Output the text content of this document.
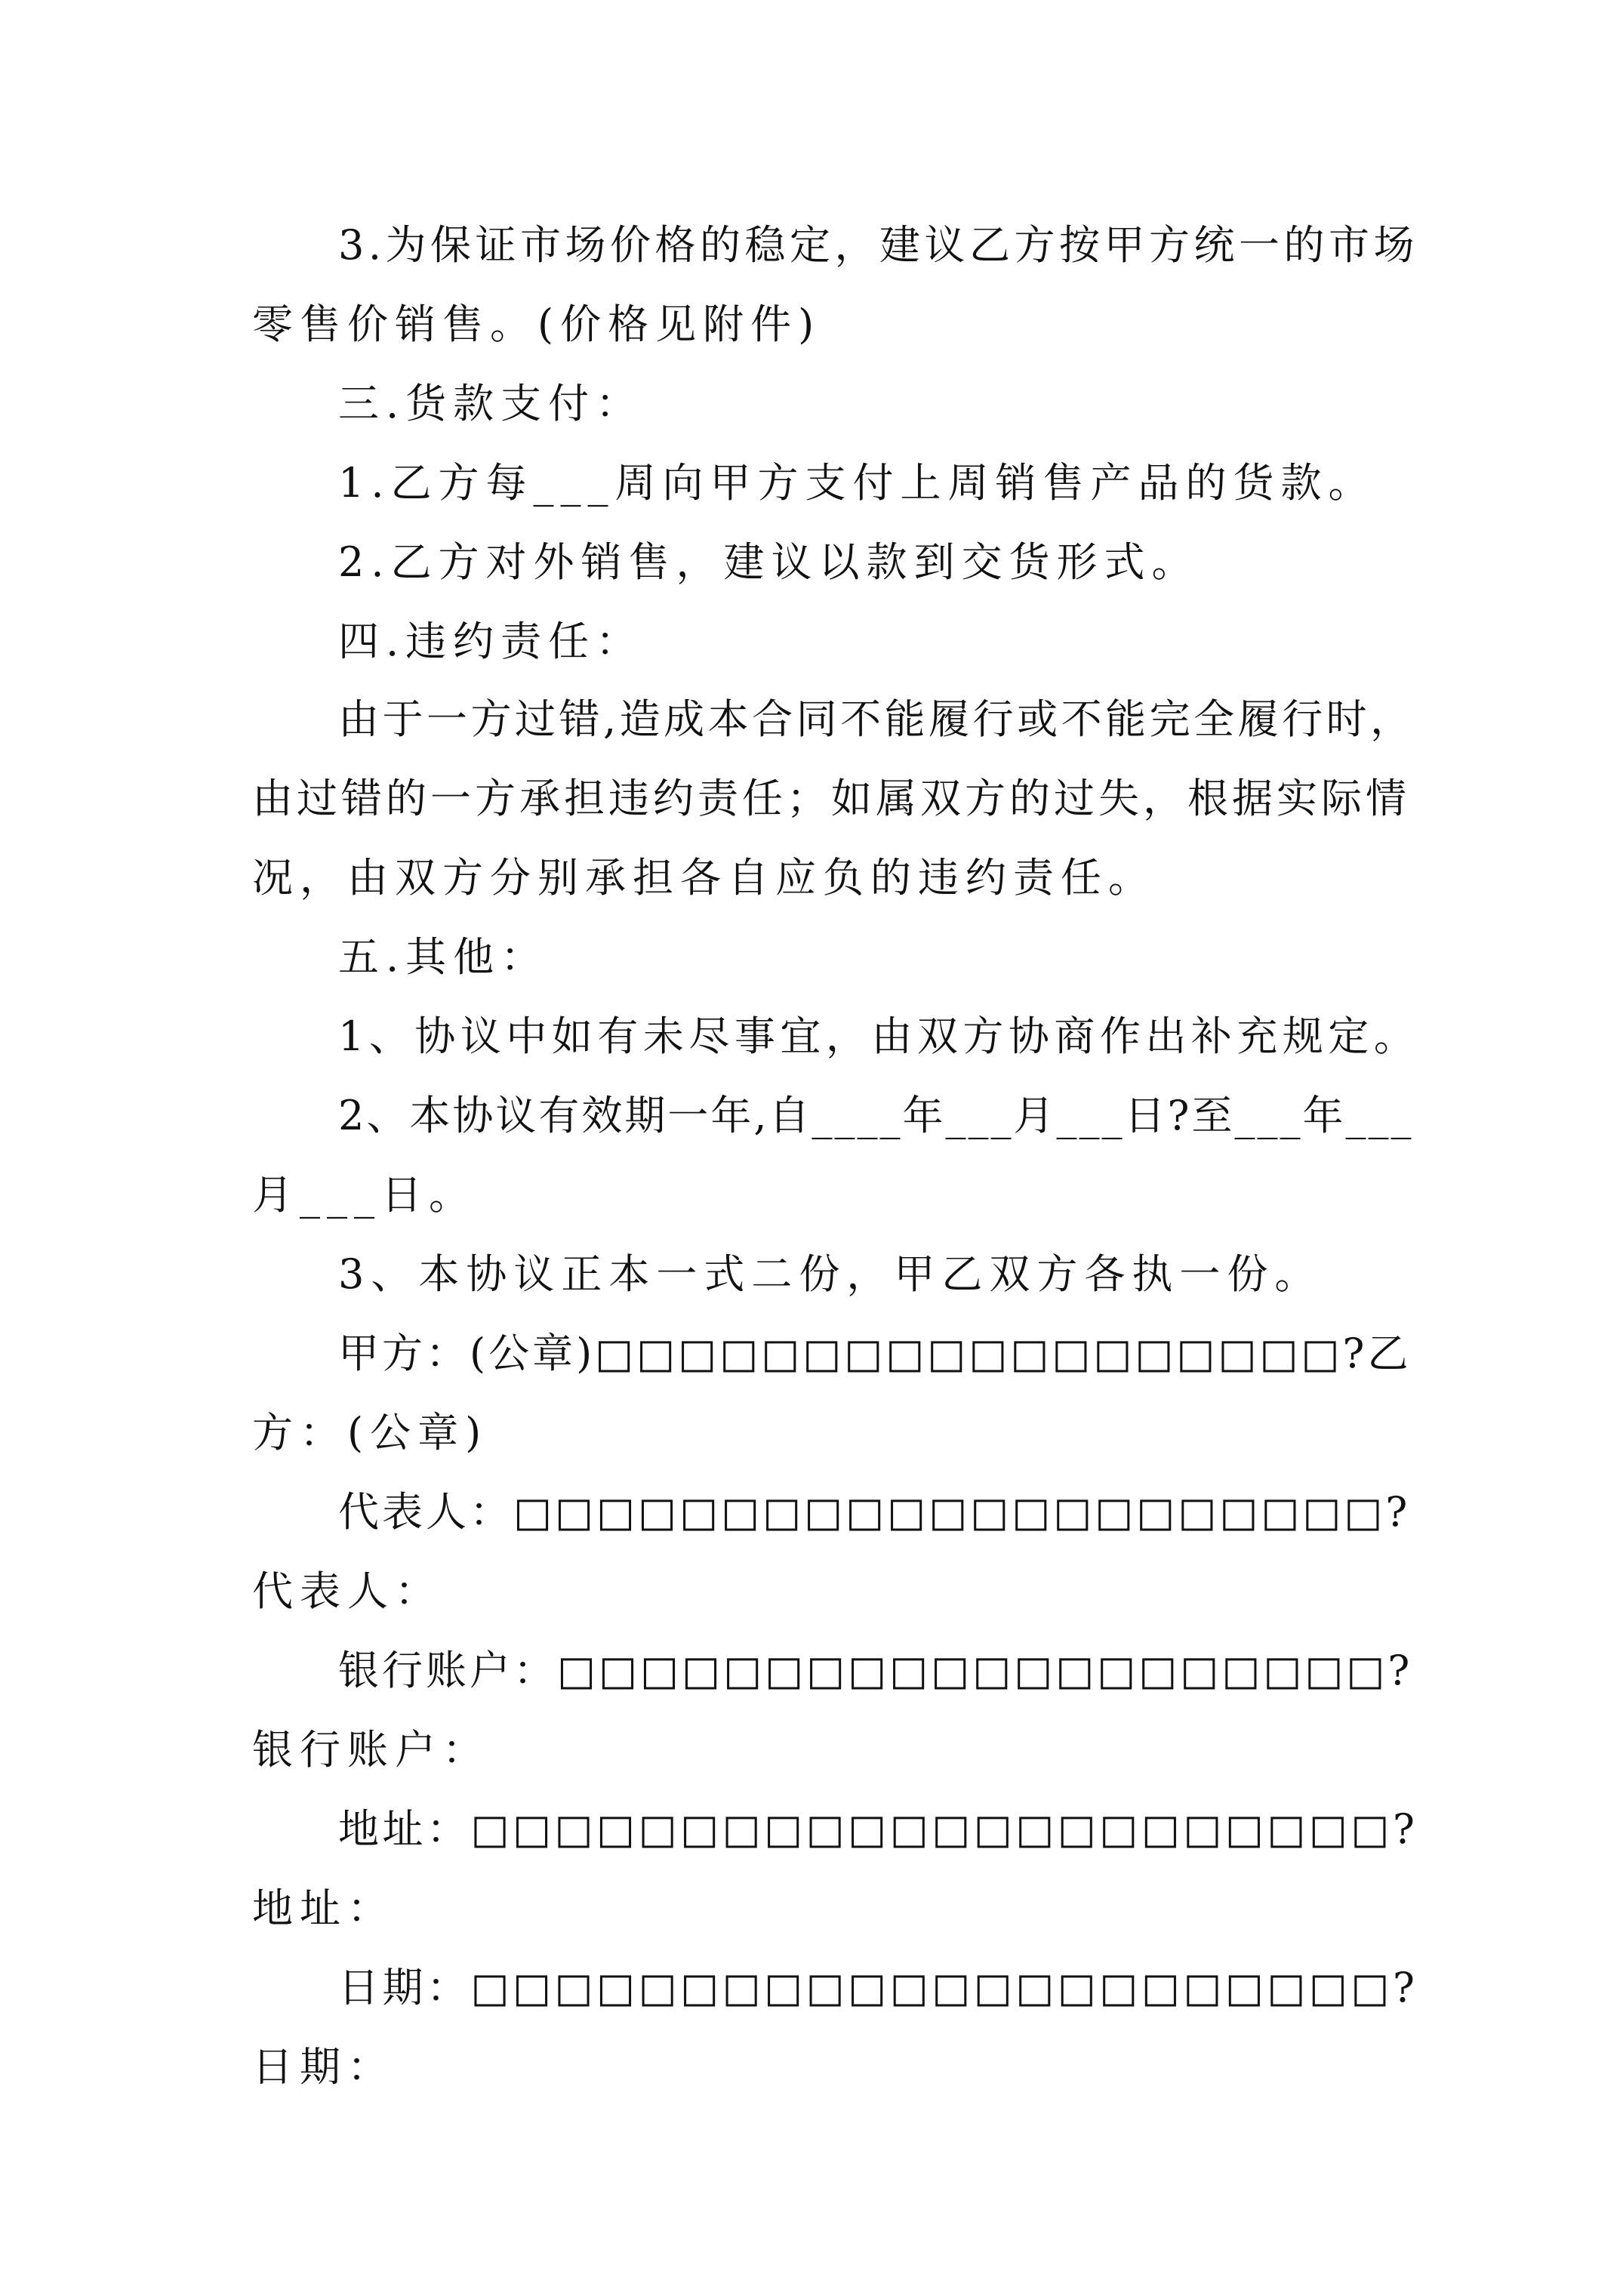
3.为保证市场价格的稳定，建议乙方按甲方统一的市场
零售价销售。(价格见附件)
三.货款支付：
1.乙方每___周向甲方支付上周销售产品的货款。
2.乙方对外销售，建议以款到交货形式。
四.违约责任：
由于一方过错,造成本合同不能履行或不能完全履行时，
由过错的一方承担违约责任；如属双方的过失，根据实际情
况，由双方分别承担各自应负的违约责任。
五.其他：
1、协议中如有未尽事宜，由双方协商作出补充规定。
2、本协议有效期一年,自____年___月___日?至___年___
月___日。
3、本协议正本一式二份，甲乙双方各执一份。
甲方：(公章)□□□□□□□□□□□□□□□□□□?乙
方：(公章)
代表人：□□□□□□□□□□□□□□□□□□□□□?
代表人：
银行账户：□□□□□□□□□□□□□□□□□□□□?
银行账户：
地址：□□□□□□□□□□□□□□□□□□□□□□?
地址：
日期：□□□□□□□□□□□□□□□□□□□□□□?
日期：
